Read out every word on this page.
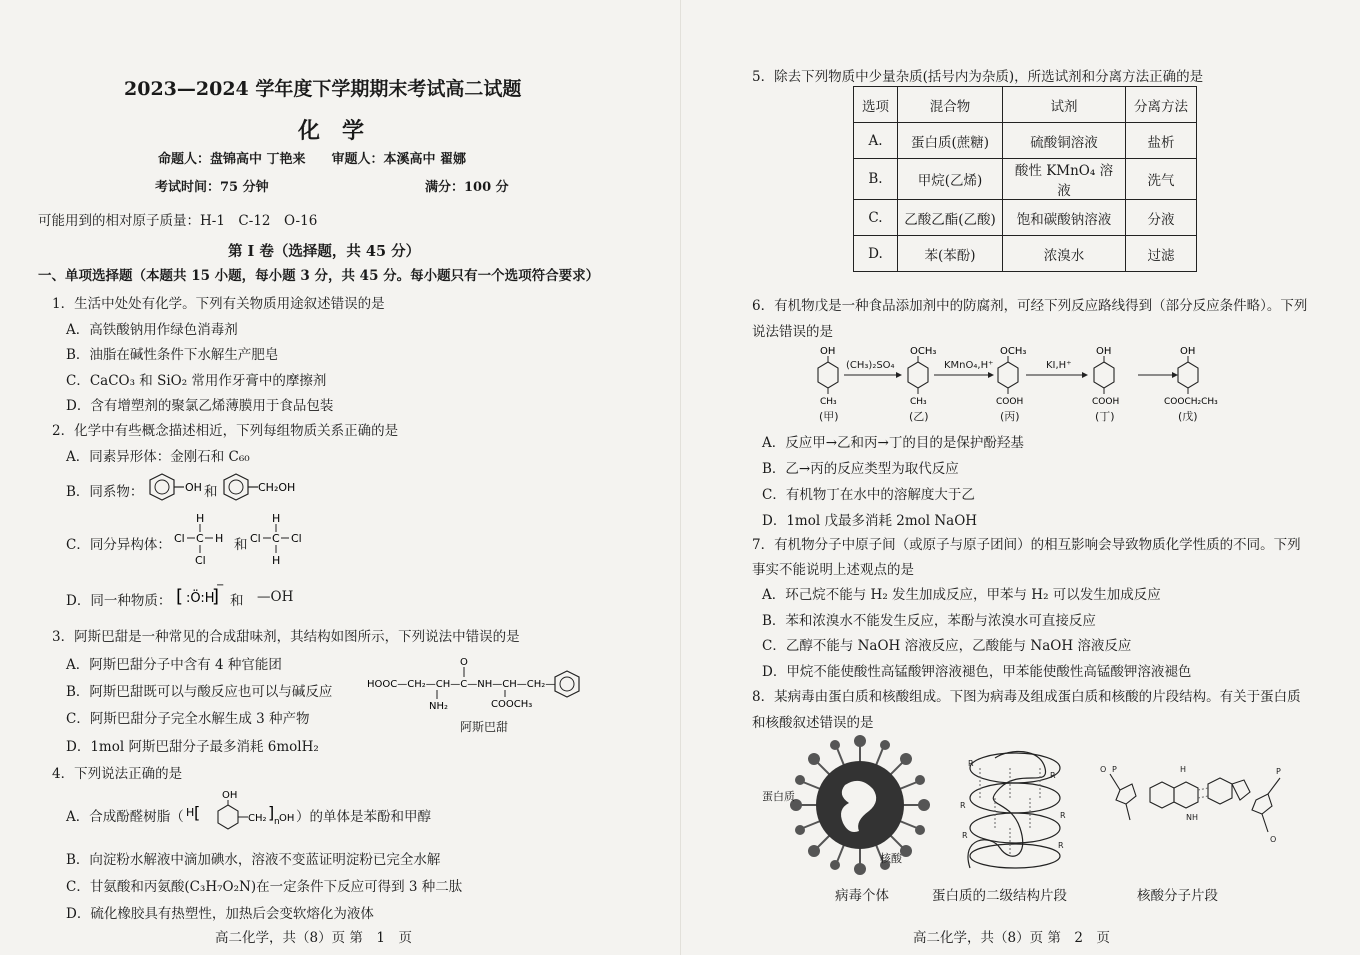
2023—2024 学年度下学期期末考试高二试题
化学
命题人：盘锦高中 丁艳来　　审题人：本溪高中 翟娜
考试时间：75 分钟	满分：100 分
可能用到的相对原子质量：H-1　C-12　O-16
第 Ⅰ 卷（选择题，共 45 分）
一、单项选择题（本题共 15 小题，每小题 3 分，共 45 分。每小题只有一个选项符合要求）
1．生活中处处有化学。下列有关物质用途叙述错误的是
A．高铁酸钠用作绿色消毒剂
B．油脂在碱性条件下水解生产肥皂
C．CaCO₃ 和 SiO₂ 常用作牙膏中的摩擦剂
D．含有增塑剂的聚氯乙烯薄膜用于食品包装
2．化学中有些概念描述相近，下列每组物质关系正确的是
A．同素异形体：金刚石和 C₆₀
B．同系物：	OH 和	CH₂OH
C．同分异构体：
H
Cl C H
Cl
和
H
Cl C Cl
H
D．同一种物质： [ :Ö:H
]
−
和 —OH
3．阿斯巴甜是一种常见的合成甜味剂，其结构如图所示，下列说法中错误的是
A．阿斯巴甜分子中含有 4 种官能团
B．阿斯巴甜既可以与酸反应也可以与碱反应
C．阿斯巴甜分子完全水解生成 3 种产物
D．1mol 阿斯巴甜分子最多消耗 6molH₂
HOOC—CH₂—CH—C—NH—CH—CH₂—
O
NH₂	COOCH₃
阿斯巴甜
4．下列说法正确的是
A．合成酚醛树脂（
OH
H [	CH₂ ] n OH ）的单体是苯酚和甲醇
B．向淀粉水解液中滴加碘水，溶液不变蓝证明淀粉已完全水解
C．甘氨酸和丙氨酸(C₃H₇O₂N)在一定条件下反应可得到 3 种二肽
D．硫化橡胶具有热塑性，加热后会变软熔化为液体
高二化学，共（8）页 第　1　页
5．除去下列物质中少量杂质(括号内为杂质)，所选试剂和分离方法正确的是
选项	混合物	试剂	分离方法
A.	蛋白质(蔗糖)	硫酸铜溶液	盐析
B.	甲烷(乙烯)	酸性 KMnO₄ 溶液	洗气
C.	乙酸乙酯(乙酸)	饱和碳酸钠溶液	分液
D.	苯(苯酚)	浓溴水	过滤
6．有机物戊是一种食品添加剂中的防腐剂，可经下列反应路线得到（部分反应条件略）。下列
说法错误的是
OH
CH₃
OCH₃
CH₃
OCH₃
COOH
OH
COOH
OH
COOCH₂CH₃
(CH₃)₂SO₄	KMnO₄,H⁺	KI,H⁺
(甲)	(乙)	(丙)	(丁)	(戊)
A．反应甲→乙和丙→丁的目的是保护酚羟基
B．乙→丙的反应类型为取代反应
C．有机物丁在水中的溶解度大于乙
D．1mol 戊最多消耗 2mol NaOH
7．有机物分子中原子间（或原子与原子团间）的相互影响会导致物质化学性质的不同。下列
事实不能说明上述观点的是
A．环己烷不能与 H₂ 发生加成反应，甲苯与 H₂ 可以发生加成反应
B．苯和浓溴水不能发生反应，苯酚与浓溴水可直接反应
C．乙醇不能与 NaOH 溶液反应，乙酸能与 NaOH 溶液反应
D．甲烷不能使酸性高锰酸钾溶液褪色，甲苯能使酸性高锰酸钾溶液褪色
8．某病毒由蛋白质和核酸组成。下图为病毒及组成蛋白质和核酸的片段结构。有关于蛋白质
和核酸叙述错误的是
蛋白质
核酸
R
R
R
R
R
R
O P	H
NH
P
O
病毒个体	蛋白质的二级结构片段	核酸分子片段
高二化学，共（8）页 第　2　页
